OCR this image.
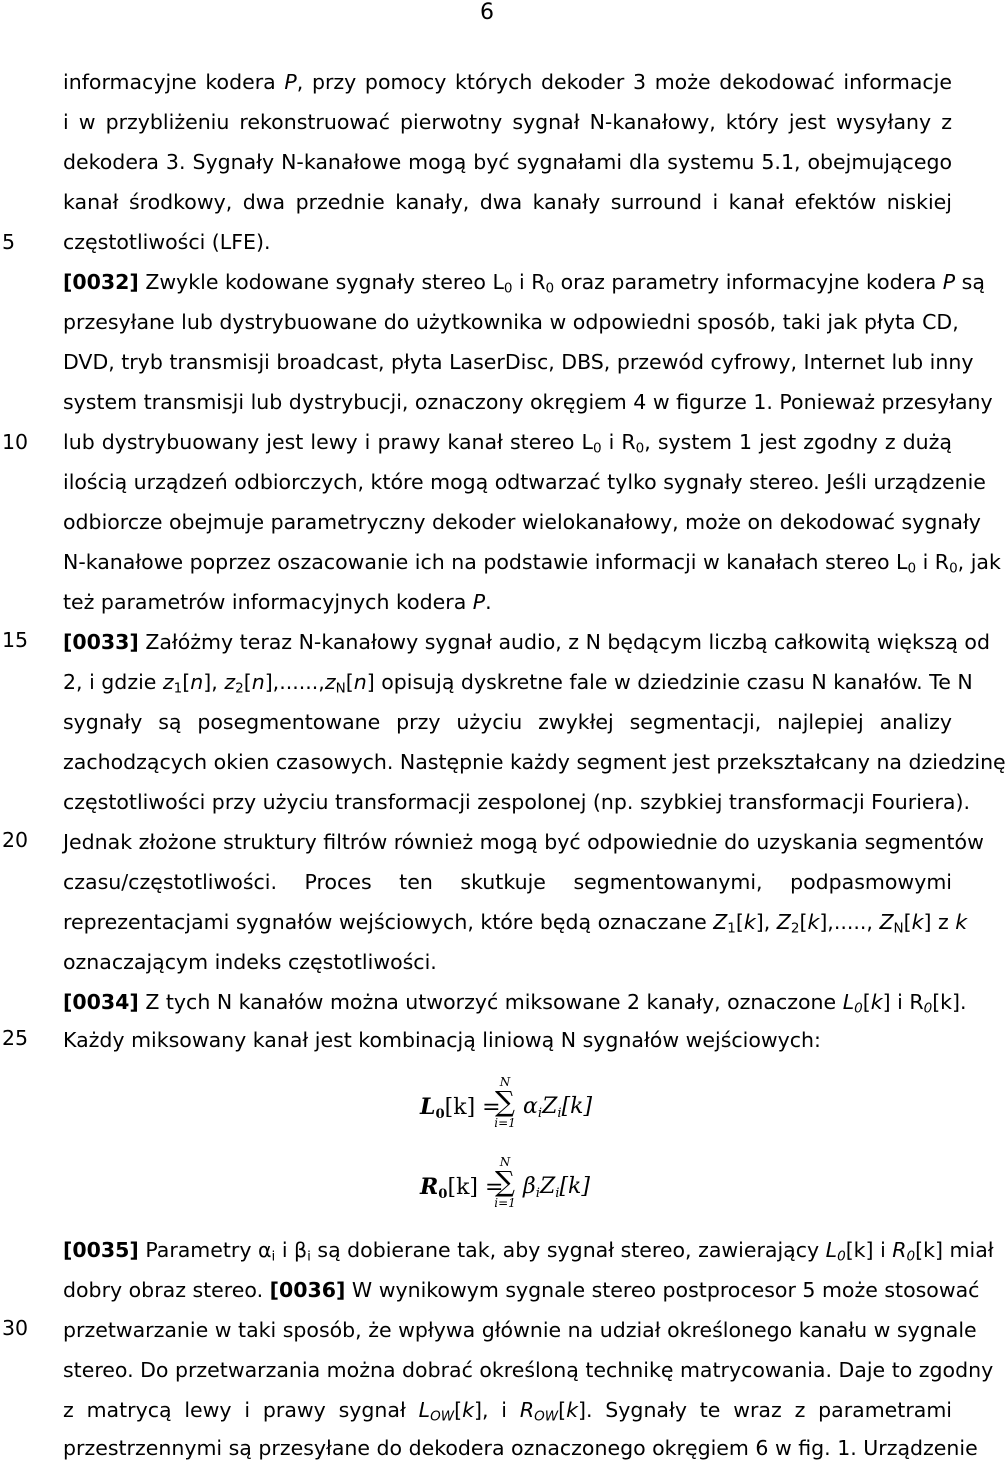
6
5
10
15
20
25
30
informacyjne kodera P, przy pomocy których dekoder 3 może dekodować informacje
i w przybliżeniu rekonstruować pierwotny sygnał N-kanałowy, który jest wysyłany z
dekodera 3. Sygnały N-kanałowe mogą być sygnałami dla systemu 5.1, obejmującego
kanał środkowy, dwa przednie kanały, dwa kanały surround i kanał efektów niskiej
częstotliwości (LFE).
[0032] Zwykle kodowane sygnały stereo $L_0$ i $R_0$ oraz parametry informacyjne kodera P są
przesyłane lub dystrybuowane do użytkownika w odpowiedni sposób, taki jak płyta CD,
DVD, tryb transmisji broadcast, płyta LaserDisc, DBS, przewód cyfrowy, Internet lub inny
system transmisji lub dystrybucji, oznaczony okręgiem 4 w figurze 1. Ponieważ przesyłany
lub dystrybuowany jest lewy i prawy kanał stereo $L_0$ i $R_0$, system 1 jest zgodny z dużą
ilością urządzeń odbiorczych, które mogą odtwarzać tylko sygnały stereo. Jeśli urządzenie
odbiorcze obejmuje parametryczny dekoder wielokanałowy, może on dekodować sygnały
N-kanałowe poprzez oszacowanie ich na podstawie informacji w kanałach stereo $L_0$ i $R_0$, jak
też parametrów informacyjnych kodera P.
[0033] Załóżmy teraz N-kanałowy sygnał audio, z N będącym liczbą całkowitą większą od
2, i gdzie $z_1[n]$, $z_2[n],......,z_N[n]$ opisują dyskretne fale w dziedzinie czasu N kanałów. Te N
sygnały są posegmentowane przy użyciu zwykłej segmentacji, najlepiej analizy
zachodzących okien czasowych. Następnie każdy segment jest przekształcany na dziedzinę
częstotliwości przy użyciu transformacji zespolonej (np. szybkiej transformacji Fouriera).
Jednak złożone struktury filtrów również mogą być odpowiednie do uzyskania segmentów
czasu/częstotliwości. Proces ten skutkuje segmentowanymi, podpasmowymi
reprezentacjami sygnałów wejściowych, które będą oznaczane $Z_1[k]$, $Z_2[k]$,....., $Z_N[k]$ z k
oznaczającym indeks częstotliwości.
[0034] Z tych N kanałów można utworzyć miksowane 2 kanały, oznaczone $L_0[k]$ i $R_0[k]$.
Każdy miksowany kanał jest kombinacją liniową N sygnałów wejściowych:
$L_0[k]$ =
N
∑
i=1
$\alpha_iZ_i[k]$
$R_0[k]$ =
N
∑
i=1
$\beta_iZ_i[k]$
[0035] Parametry $\alpha_i$ i $\beta_i$ są dobierane tak, aby sygnał stereo, zawierający $L_0[k]$ i $R_0[k]$ miał
dobry obraz stereo. [0036] W wynikowym sygnale stereo postprocesor 5 może stosować
przetwarzanie w taki sposób, że wpływa głównie na udział określonego kanału w sygnale
stereo. Do przetwarzania można dobrać określoną technikę matrycowania. Daje to zgodny
z matrycą lewy i prawy sygnał $L_{OW}[k]$, i $R_{OW}[k]$. Sygnały te wraz z parametrami
przestrzennymi są przesyłane do dekodera oznaczonego okręgiem 6 w fig. 1. Urządzenie
